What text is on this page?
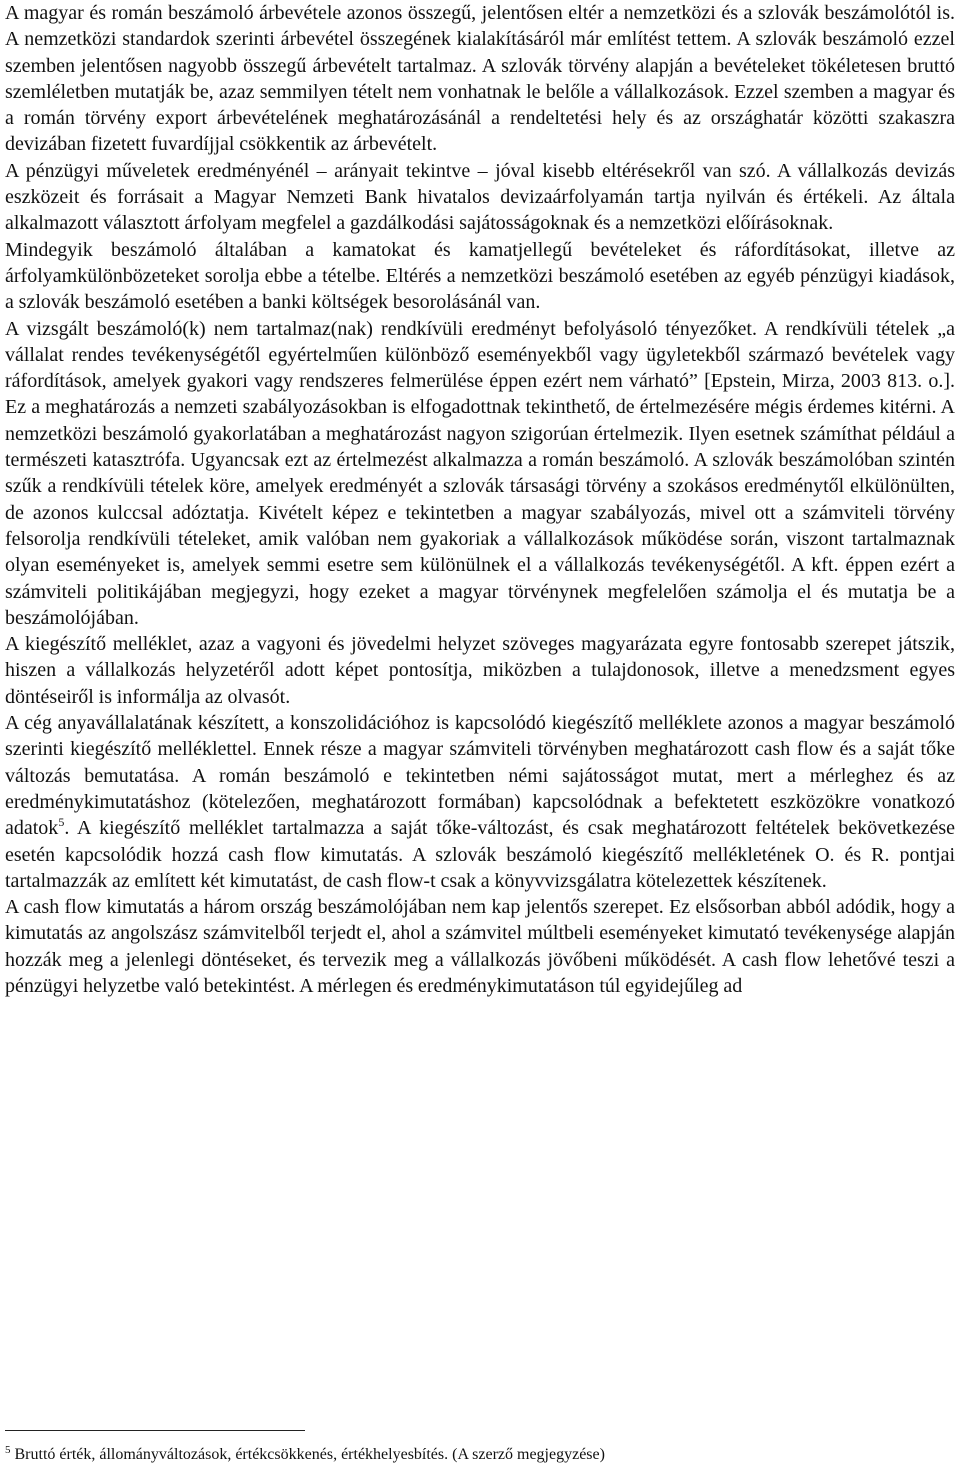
A magyar és román beszámoló árbevétele azonos összegű, jelentősen eltér a nemzetközi és a szlovák beszámolótól is. A nemzetközi standardok szerinti árbevétel összegének kialakításáról már említést tettem. A szlovák beszámoló ezzel szemben jelentősen nagyobb összegű árbevételt tartalmaz. A szlovák törvény alapján a bevételeket tökéletesen bruttó szemléletben mutatják be, azaz semmilyen tételt nem vonhatnak le belőle a vállalkozások. Ezzel szemben a magyar és a román törvény export árbevételének meghatározásánál a rendeltetési hely és az országhatár közötti szakaszra devizában fizetett fuvardíjjal csökkentik az árbevételt.

A pénzügyi műveletek eredményénél – arányait tekintve – jóval kisebb eltérésekről van szó. A vállalkozás devizás eszközeit és forrásait a Magyar Nemzeti Bank hivatalos devizaárfolyamán tartja nyilván és értékeli. Az általa alkalmazott választott árfolyam megfelel a gazdálkodási sajátosságoknak és a nemzetközi előírásoknak.

Mindegyik beszámoló általában a kamatokat és kamatjellegű bevételeket és ráfordításokat, illetve az árfolyamkülönbözeteket sorolja ebbe a tételbe. Eltérés a nemzetközi beszámoló esetében az egyéb pénzügyi kiadások, a szlovák beszámoló esetében a banki költségek besorolásánál van.

A vizsgált beszámoló(k) nem tartalmaz(nak) rendkívüli eredményt befolyásoló tényezőket. A rendkívüli tételek „a vállalat rendes tevékenységétől egyértelműen különböző eseményekből vagy ügyletekből származó bevételek vagy ráfordítások, amelyek gyakori vagy rendszeres felmerülése éppen ezért nem várható” [Epstein, Mirza, 2003 813. o.]. Ez a meghatározás a nemzeti szabályozásokban is elfogadottnak tekinthető, de értelmezésére mégis érdemes kitérni. A nemzetközi beszámoló gyakorlatában a meghatározást nagyon szigorúan értelmezik. Ilyen esetnek számíthat például a természeti katasztrófa. Ugyancsak ezt az értelmezést alkalmazza a román beszámoló. A szlovák beszámolóban szintén szűk a rendkívüli tételek köre, amelyek eredményét a szlovák társasági törvény a szokásos eredménytől elkülönülten, de azonos kulccsal adóztatja. Kivételt képez e tekintetben a magyar szabályozás, mivel ott a számviteli törvény felsorolja rendkívüli tételeket, amik valóban nem gyakoriak a vállalkozások működése során, viszont tartalmaznak olyan eseményeket is, amelyek semmi esetre sem különülnek el a vállalkozás tevékenységétől. A kft. éppen ezért a számviteli politikájában megjegyzi, hogy ezeket a magyar törvénynek megfelelően számolja el és mutatja be a beszámolójában.

A kiegészítő melléklet, azaz a vagyoni és jövedelmi helyzet szöveges magyarázata egyre fontosabb szerepet játszik, hiszen a vállalkozás helyzetéről adott képet pontosítja, miközben a tulajdonosok, illetve a menedzsment egyes döntéseiről is informálja az olvasót.

A cég anyavállalatának készített, a konszolidációhoz is kapcsolódó kiegészítő melléklete azonos a magyar beszámoló szerinti kiegészítő melléklettel. Ennek része a magyar számviteli törvényben meghatározott cash flow és a saját tőke változás bemutatása. A román beszámoló e tekintetben némi sajátosságot mutat, mert a mérleghez és az eredménykimutatáshoz (kötelezően, meghatározott formában) kapcsolódnak a befektetett eszközökre vonatkozó adatok$^5$. A kiegészítő melléklet tartalmazza a saját tőke-változást, és csak meghatározott feltételek bekövetkezése esetén kapcsolódik hozzá cash flow kimutatás. A szlovák beszámoló kiegészítő mellékletének O. és R. pontjai tartalmazzák az említett két kimutatást, de cash flow-t csak a könyvvizsgálatra kötelezettek készítenek.

A cash flow kimutatás a három ország beszámolójában nem kap jelentős szerepet. Ez elsősorban abból adódik, hogy a kimutatás az angolszász számvitelből terjedt el, ahol a számvitel múltbeli eseményeket kimutató tevékenysége alapján hozzák meg a jelenlegi döntéseket, és tervezik meg a vállalkozás jövőbeni működését. A cash flow lehetővé teszi a pénzügyi helyzetbe való betekintést. A mérlegen és eredménykimutatáson túl egyidejűleg ad

$^5$ Bruttó érték, állományváltozások, értékcsökkenés, értékhelyesbítés. (A szerző megjegyzése)
